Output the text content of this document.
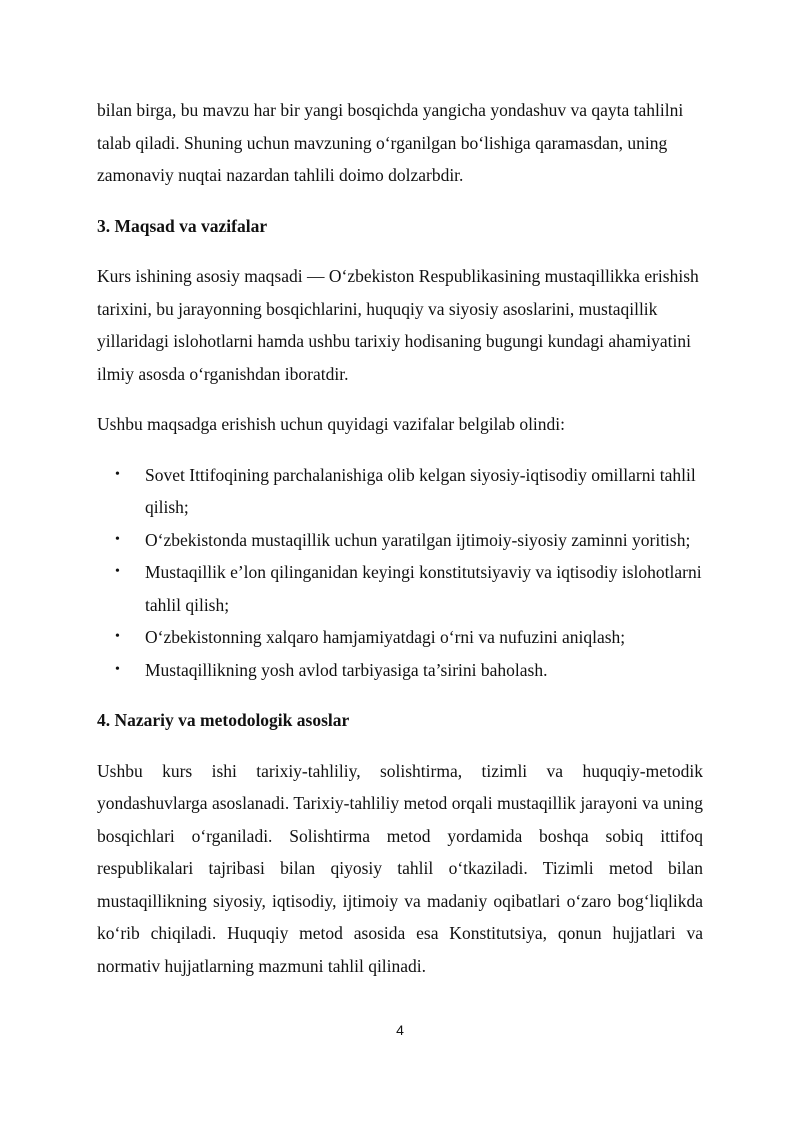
bilan birga, bu mavzu har bir yangi bosqichda yangicha yondashuv va qayta tahlilni talab qiladi. Shuning uchun mavzuning o‘rganilgan bo‘lishiga qaramasdan, uning zamonaviy nuqtai nazardan tahlili doimo dolzarbdir.

3. Maqsad va vazifalar

Kurs ishining asosiy maqsadi — O‘zbekiston Respublikasining mustaqillikka erishish tarixini, bu jarayonning bosqichlarini, huquqiy va siyosiy asoslarini, mustaqillik yillaridagi islohotlarni hamda ushbu tarixiy hodisaning bugungi kundagi ahamiyatini ilmiy asosda o‘rganishdan iboratdir.

Ushbu maqsadga erishish uchun quyidagi vazifalar belgilab olindi:

• Sovet Ittifoqining parchalanishiga olib kelgan siyosiy-iqtisodiy omillarni tahlil qilish;
• O‘zbekistonda mustaqillik uchun yaratilgan ijtimoiy-siyosiy zaminni yoritish;
• Mustaqillik e’lon qilinganidan keyingi konstitutsiyaviy va iqtisodiy islohotlarni tahlil qilish;
• O‘zbekistonning xalqaro hamjamiyatdagi o‘rni va nufuzini aniqlash;
• Mustaqillikning yosh avlod tarbiyasiga ta’sirini baholash.
4. Nazariy va metodologik asoslar

Ushbu kurs ishi tarixiy-tahliliy, solishtirma, tizimli va huquqiy-metodik yondashuvlarga asoslanadi. Tarixiy-tahliliy metod orqali mustaqillik jarayoni va uning bosqichlari o‘rganiladi. Solishtirma metod yordamida boshqa sobiq ittifoq respublikalari tajribasi bilan qiyosiy tahlil o‘tkaziladi. Tizimli metod bilan mustaqillikning siyosiy, iqtisodiy, ijtimoiy va madaniy oqibatlari o‘zaro bog‘liqlikda ko‘rib chiqiladi. Huquqiy metod asosida esa Konstitutsiya, qonun hujjatlari va normativ hujjatlarning mazmuni tahlil qilinadi.

4
